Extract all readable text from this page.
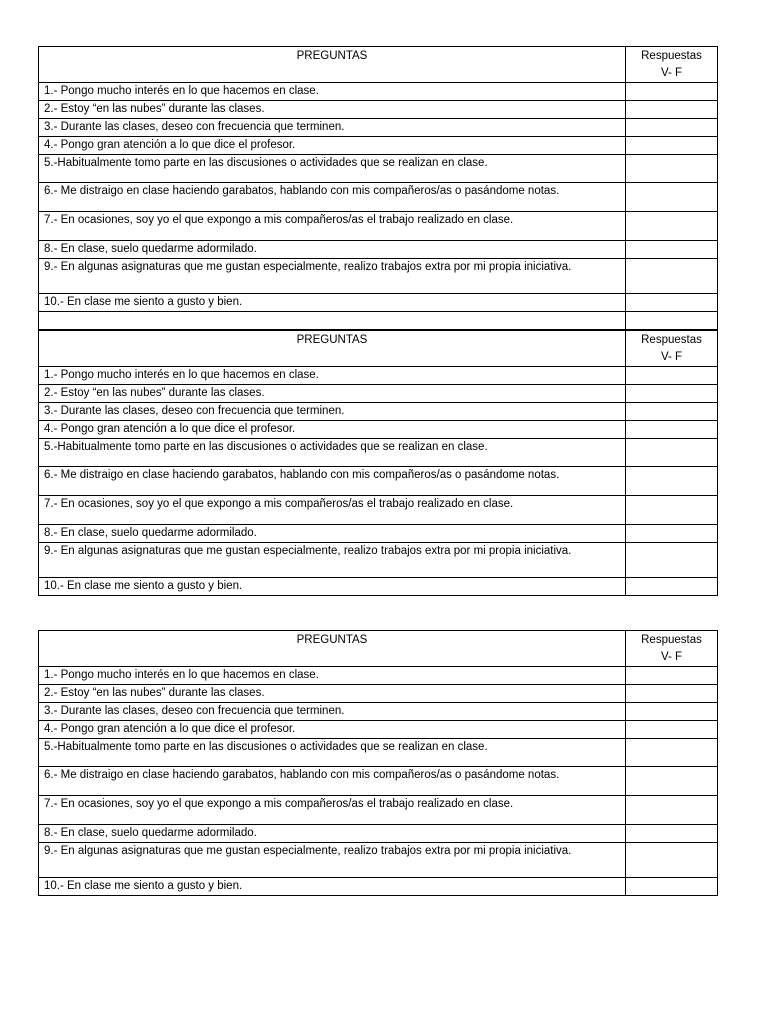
PREGUNTAS	Respuestas
V- F

1.- Pongo mucho interés en lo que hacemos en clase.	
2.- Estoy “en las nubes” durante las clases.	
3.- Durante las clases, deseo con frecuencia que terminen.	
4.- Pongo gran atención a lo que dice el profesor.	
5.-Habitualmente tomo parte en las discusiones o actividades que se realizan en clase.	
6.- Me distraigo en clase haciendo garabatos, hablando con mis compañeros/as o pasándome notas.	
7.- En ocasiones, soy yo el que expongo a mis compañeros/as el trabajo realizado en clase.	
8.- En clase, suelo quedarme adormilado.	
9.- En algunas asignaturas que me gustan especialmente, realizo trabajos extra por mi propia iniciativa.	
10.- En clase me siento a gusto y bien.	

PREGUNTAS	Respuestas
V- F

1.- Pongo mucho interés en lo que hacemos en clase.	
2.- Estoy “en las nubes” durante las clases.	
3.- Durante las clases, deseo con frecuencia que terminen.	
4.- Pongo gran atención a lo que dice el profesor.	
5.-Habitualmente tomo parte en las discusiones o actividades que se realizan en clase.	
6.- Me distraigo en clase haciendo garabatos, hablando con mis compañeros/as o pasándome notas.	
7.- En ocasiones, soy yo el que expongo a mis compañeros/as el trabajo realizado en clase.	
8.- En clase, suelo quedarme adormilado.	
9.- En algunas asignaturas que me gustan especialmente, realizo trabajos extra por mi propia iniciativa.	
10.- En clase me siento a gusto y bien.	
PREGUNTAS	Respuestas
V- F

1.- Pongo mucho interés en lo que hacemos en clase.	
2.- Estoy “en las nubes” durante las clases.	
3.- Durante las clases, deseo con frecuencia que terminen.	
4.- Pongo gran atención a lo que dice el profesor.	
5.-Habitualmente tomo parte en las discusiones o actividades que se realizan en clase.	
6.- Me distraigo en clase haciendo garabatos, hablando con mis compañeros/as o pasándome notas.	
7.- En ocasiones, soy yo el que expongo a mis compañeros/as el trabajo realizado en clase.	
8.- En clase, suelo quedarme adormilado.	
9.- En algunas asignaturas que me gustan especialmente, realizo trabajos extra por mi propia iniciativa.	
10.- En clase me siento a gusto y bien.	
